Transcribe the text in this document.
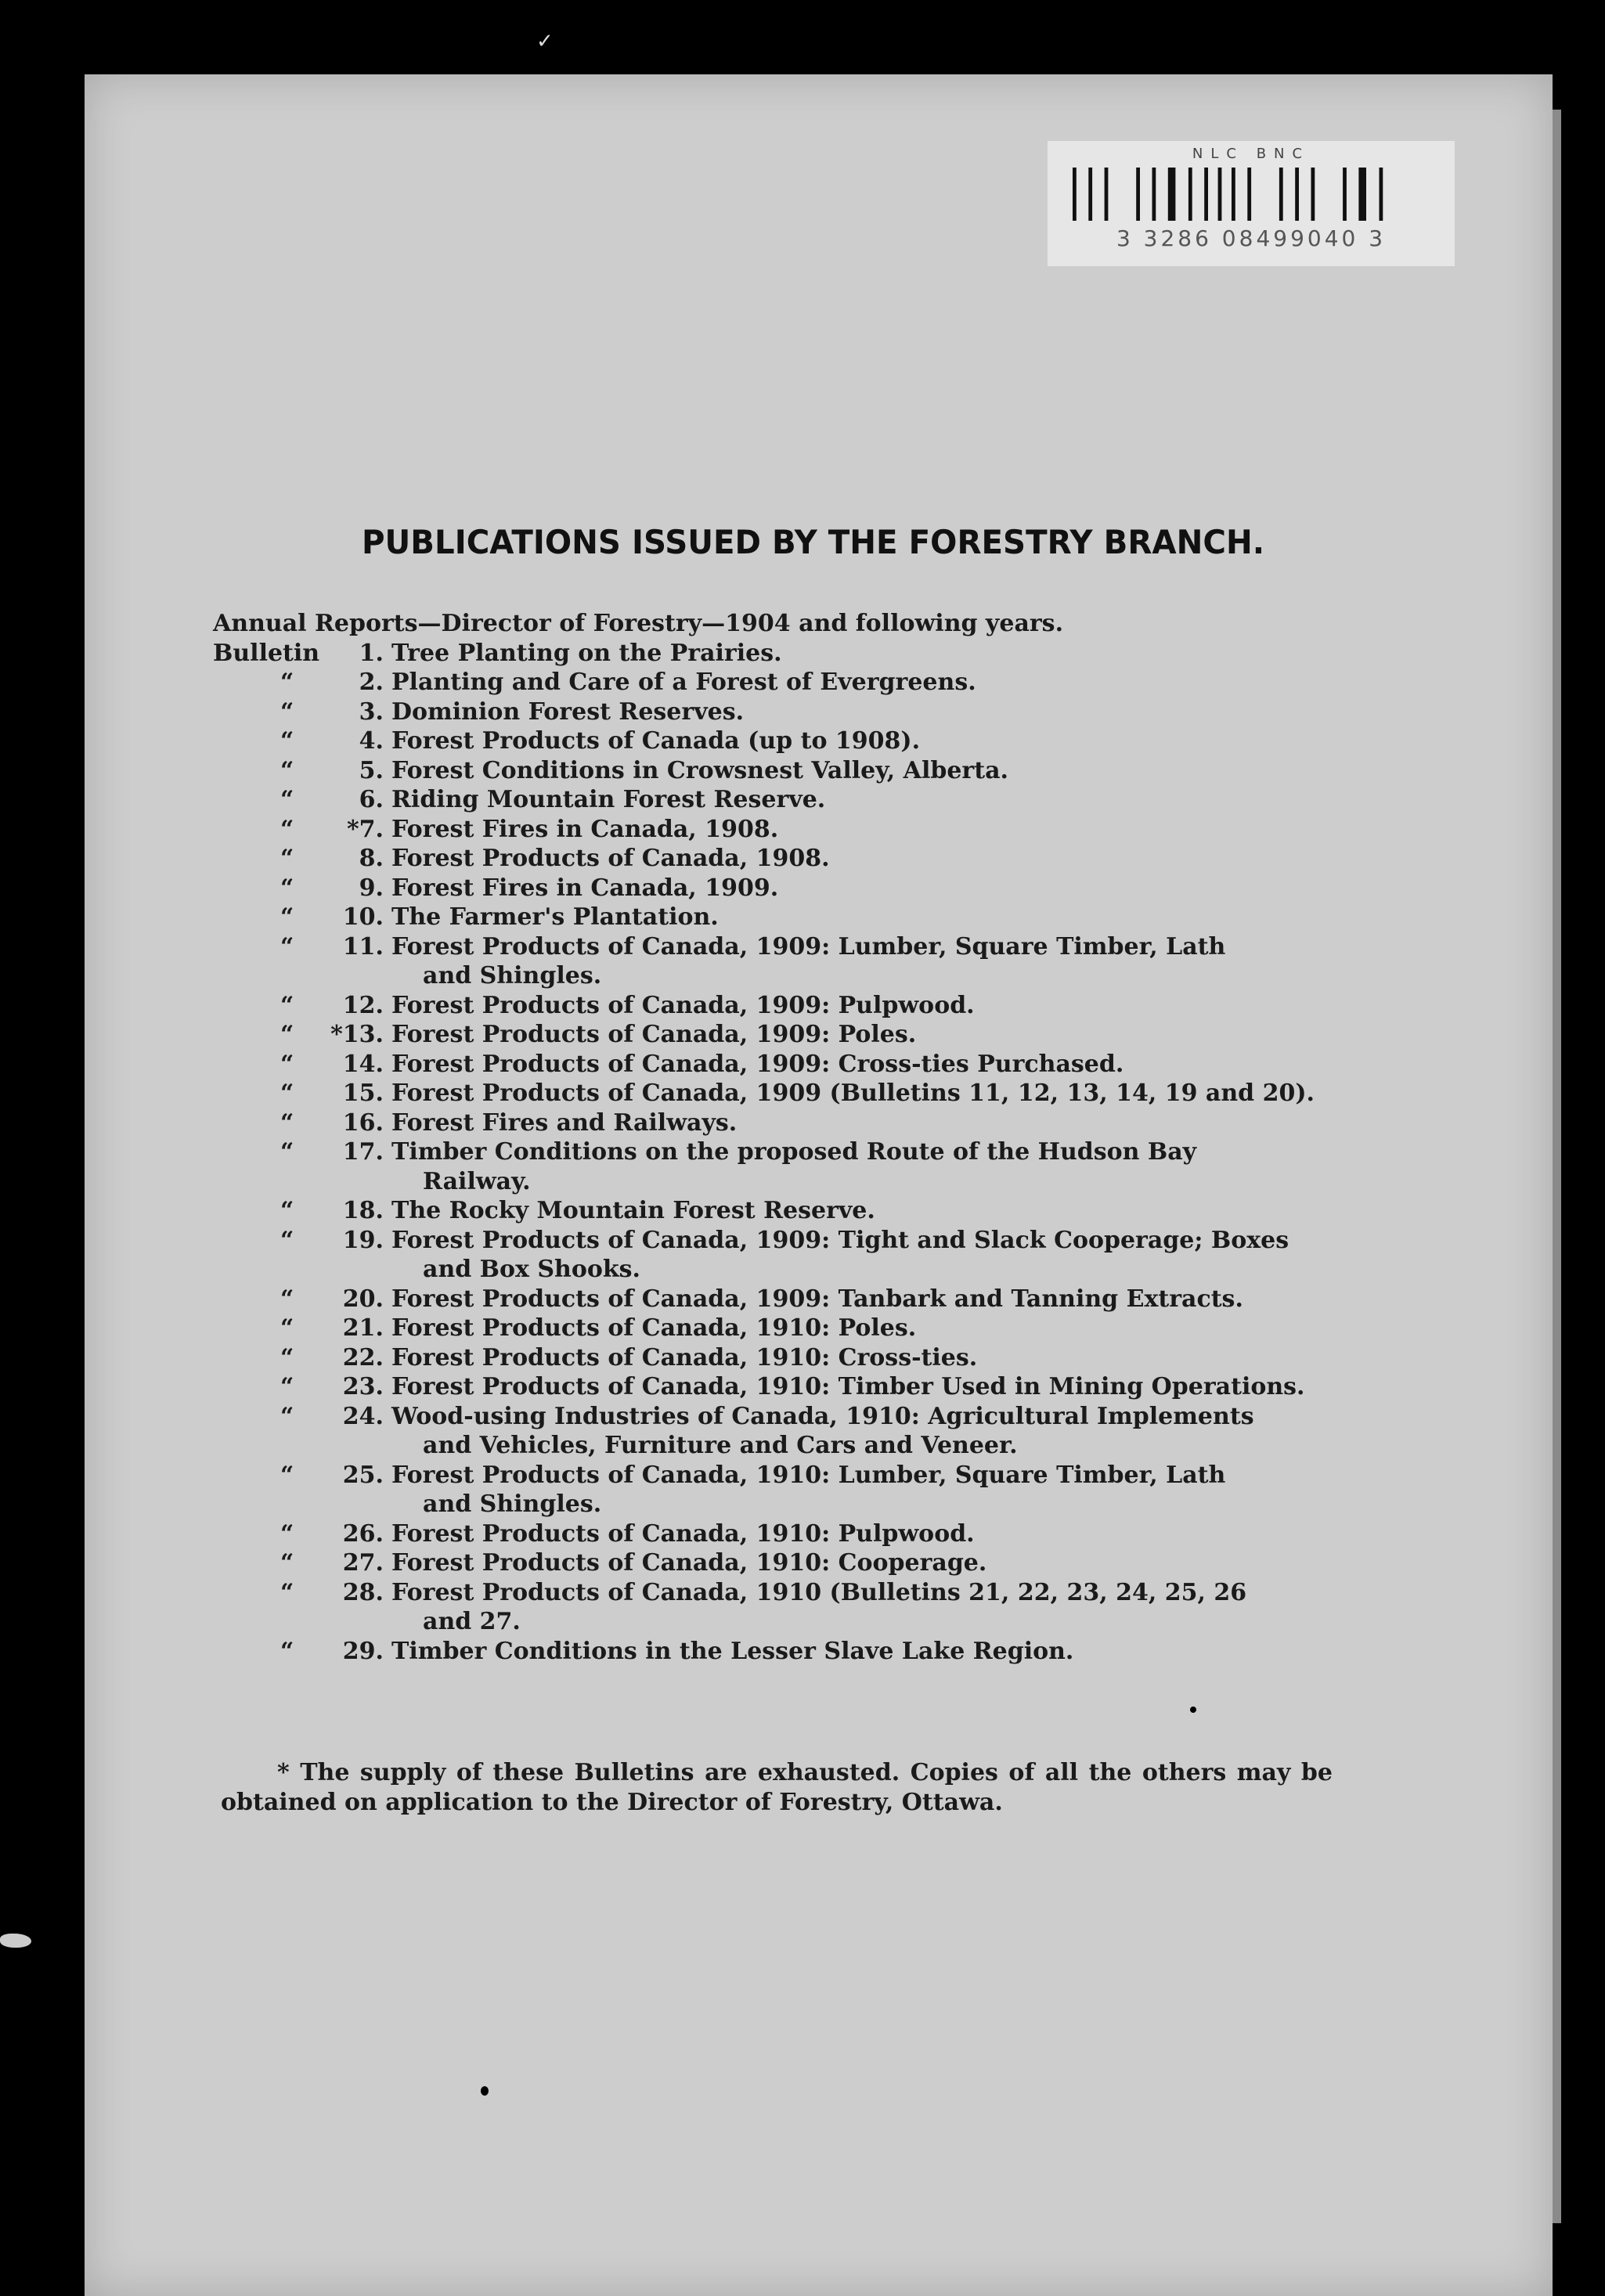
✓
NLC BNC
3 3286 08499040 3
PUBLICATIONS ISSUED BY THE FORESTRY BRANCH.
Annual Reports—Director of Forestry—1904 and following years.
Bulletin	1. Tree Planting on the Prairies.
“	2. Planting and Care of a Forest of Evergreens.
“	3. Dominion Forest Reserves.
“	4. Forest Products of Canada (up to 1908).
“	5. Forest Conditions in Crowsnest Valley, Alberta.
“	6. Riding Mountain Forest Reserve.
“	*7. Forest Fires in Canada, 1908.
“	8. Forest Products of Canada, 1908.
“	9. Forest Fires in Canada, 1909.
“	10. The Farmer's Plantation.
“	11. Forest Products of Canada, 1909: Lumber, Square Timber, Lath
and Shingles.
“	12. Forest Products of Canada, 1909: Pulpwood.
“	*13. Forest Products of Canada, 1909: Poles.
“	14. Forest Products of Canada, 1909: Cross-ties Purchased.
“	15. Forest Products of Canada, 1909 (Bulletins 11, 12, 13, 14, 19 and 20).
“	16. Forest Fires and Railways.
“	17. Timber Conditions on the proposed Route of the Hudson Bay
Railway.
“	18. The Rocky Mountain Forest Reserve.
“	19. Forest Products of Canada, 1909: Tight and Slack Cooperage; Boxes
and Box Shooks.
“	20. Forest Products of Canada, 1909: Tanbark and Tanning Extracts.
“	21. Forest Products of Canada, 1910: Poles.
“	22. Forest Products of Canada, 1910: Cross-ties.
“	23. Forest Products of Canada, 1910: Timber Used in Mining Operations.
“	24. Wood-using Industries of Canada, 1910: Agricultural Implements
and Vehicles, Furniture and Cars and Veneer.
“	25. Forest Products of Canada, 1910: Lumber, Square Timber, Lath
and Shingles.
“	26. Forest Products of Canada, 1910: Pulpwood.
“	27. Forest Products of Canada, 1910: Cooperage.
“	28. Forest Products of Canada, 1910 (Bulletins 21, 22, 23, 24, 25, 26
and 27.
“	29. Timber Conditions in the Lesser Slave Lake Region.

* The supply of these Bulletins are exhausted. Copies of all the others may be obtained on application to the Director of Forestry, Ottawa.
